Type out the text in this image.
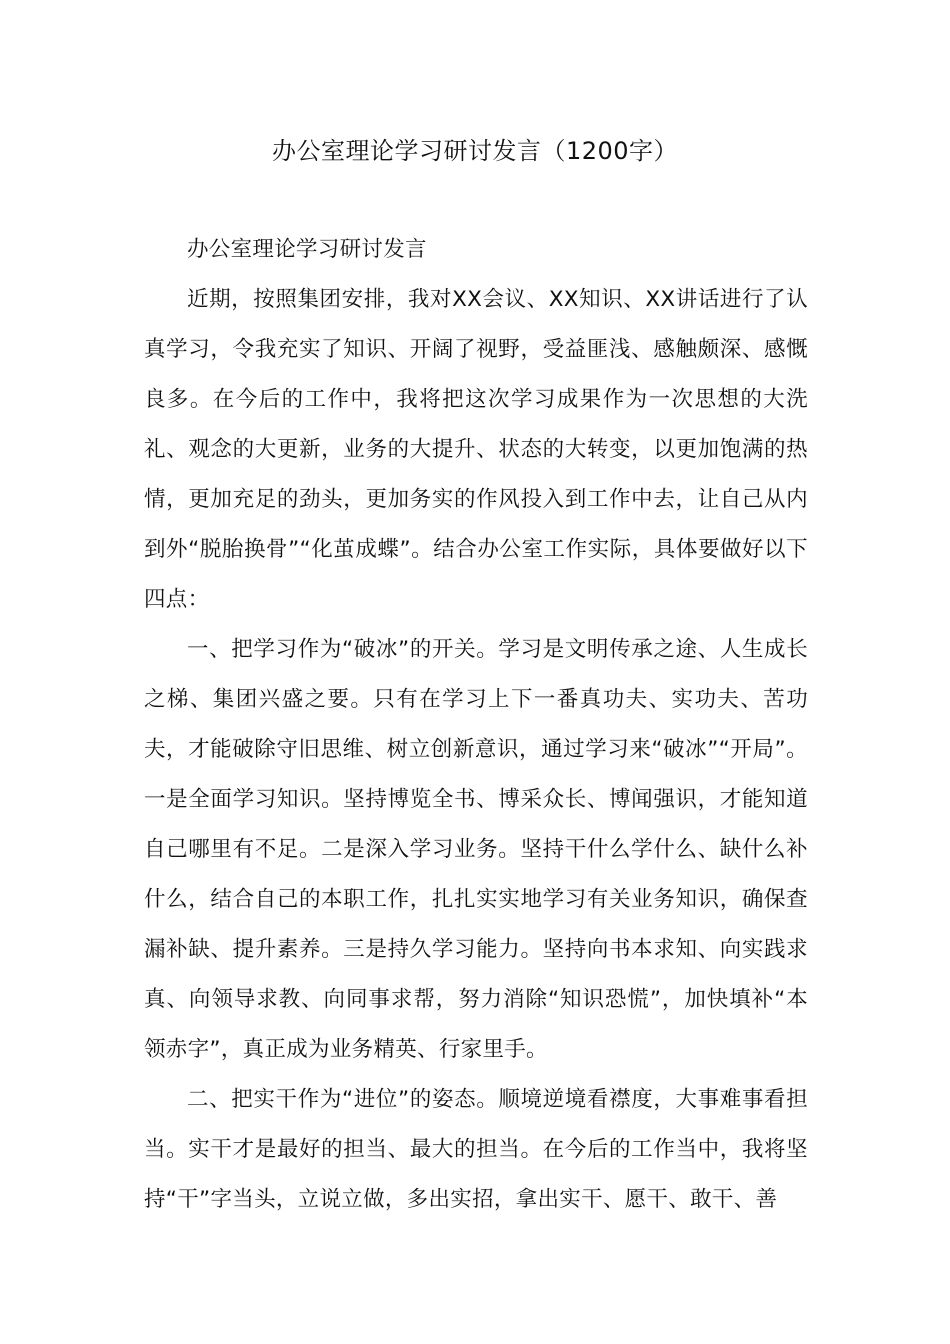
办公室理论学习研讨发言（1200字）

办公室理论学习研讨发言

近期，按照集团安排，我对XX会议、XX知识、XX讲话进行了认真学习，令我充实了知识、开阔了视野，受益匪浅、感触颇深、感慨良多。在今后的工作中，我将把这次学习成果作为一次思想的大洗礼、观念的大更新，业务的大提升、状态的大转变，以更加饱满的热情，更加充足的劲头，更加务实的作风投入到工作中去，让自己从内到外“脱胎换骨”“化茧成蝶”。结合办公室工作实际，具体要做好以下四点：

一、把学习作为“破冰”的开关。学习是文明传承之途、人生成长之梯、集团兴盛之要。只有在学习上下一番真功夫、实功夫、苦功夫，才能破除守旧思维、树立创新意识，通过学习来“破冰”“开局”。一是全面学习知识。坚持博览全书、博采众长、博闻强识，才能知道自己哪里有不足。二是深入学习业务。坚持干什么学什么、缺什么补什么，结合自己的本职工作，扎扎实实地学习有关业务知识，确保查漏补缺、提升素养。三是持久学习能力。坚持向书本求知、向实践求真、向领导求教、向同事求帮，努力消除“知识恐慌”，加快填补“本领赤字”，真正成为业务精英、行家里手。

二、把实干作为“进位”的姿态。顺境逆境看襟度，大事难事看担当。实干才是最好的担当、最大的担当。在今后的工作当中，我将坚持“干”字当头，立说立做，多出实招，拿出实干、愿干、敢干、善
